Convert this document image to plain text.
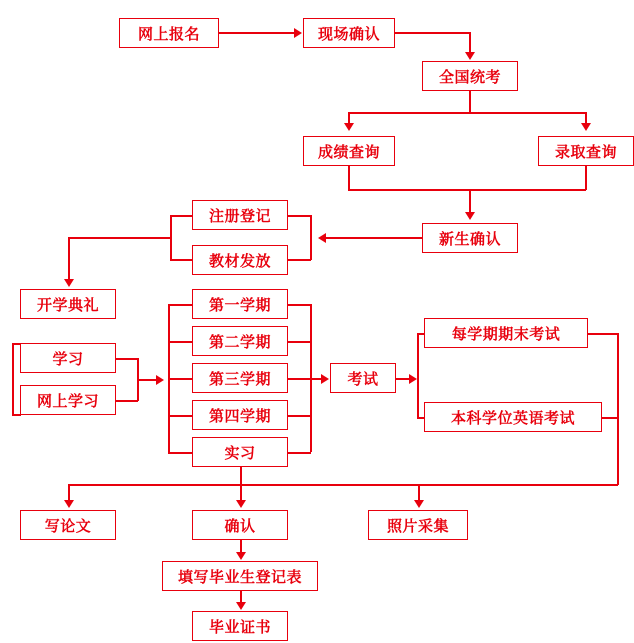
网上报名	现场确认
全国统考
成绩查询	录取查询
新生确认
注册登记
教材发放
开学典礼
学习
网上学习
第一学期
第二学期
第三学期
第四学期
实习
考试
每学期期末考试
本科学位英语考试
写论文	确认	照片采集
填写毕业生登记表
毕业证书
